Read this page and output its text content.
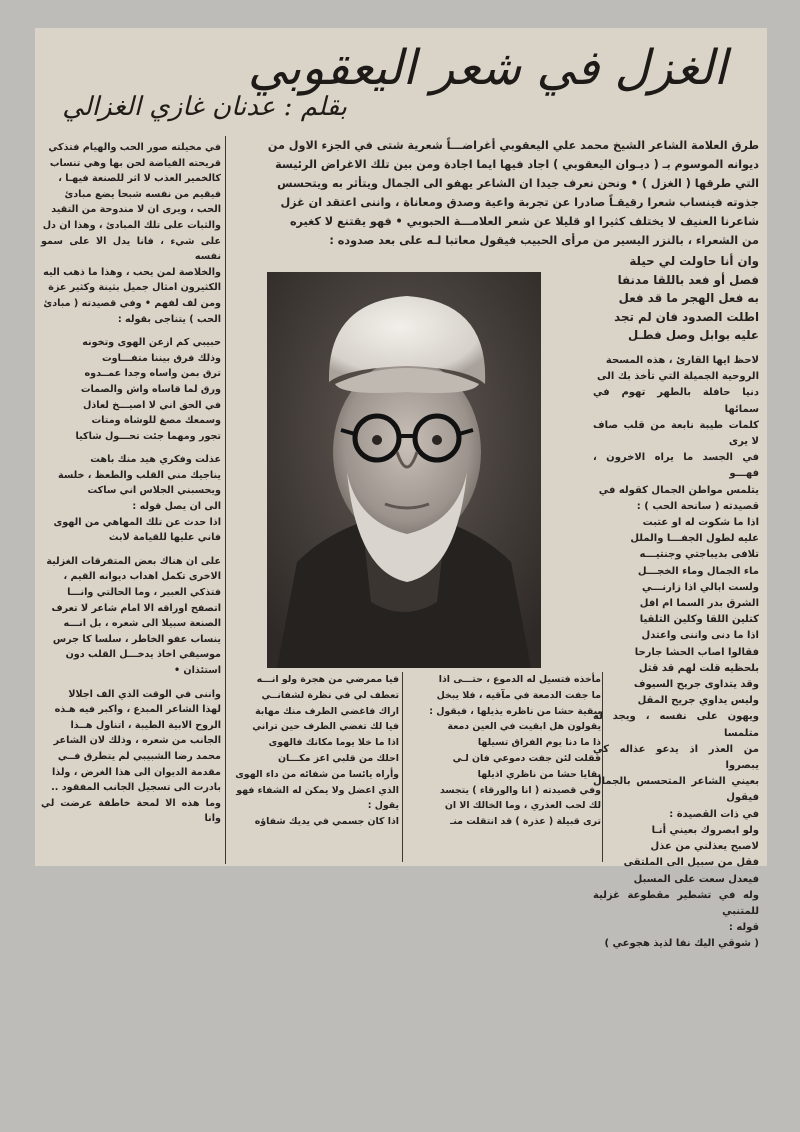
الغزل في شعر اليعقوبي
بقلم : عدنان غازي الغزالي

طرق العلامة الشاعر الشيخ محمد علي اليعقوبي أغراضـــاً شعرية شتى في الجزء الاول من

ديوانه الموسوم بـ ( ديـوان اليعقوبي ) اجاد فيها ايما اجادة ومن بين تلك الاغراض الرئيسة

التي طرقها ( الغزل ) • ونحن نعرف جيدا ان الشاعر يهفو الى الجمال ويتأثر به ويتحسس

جذوته فينساب شعرا رقيقـاً صادرا عن تجربة واعية وصدق ومعاناة ، واننى اعتقد ان غزل

شاعرنا العنيف لا يختلف كثيرا او قليلا عن شعر العلامـــة الحبوبي • فهو يقتنع لا كغيره

من الشعراء ، بالنزر اليسير من مرأى الحبيب فيقول معاتبا لـه على بعد صدوده :

وان أنا حاولت لي حيلة

فصل أو فعد باللقا مدنفا

به فعل الهجر ما قد فعل

اطلت الصدود فان لم تجد

عليه بوابل وصل فطـل

لاحظ ايها القارئ ، هذه المسحة

الروحية الجميلة التي تأخذ بك الى

دنيا حافلة بالطهر تهوم في سمائها

كلمات طيبة نابعة من قلب صاف لا يرى

في الجسد ما يراه الاخرون ، فهـــو

يتلمس مواطن الجمال كقوله في

قصيدته ( سانحة الحب ) :

اذا ما شكوت له او عتبت

عليه لطول الجفـــا والملل

تلافى بديباجتي وجنتيـــه

ماء الجمال وماء الخجـــل

ولست ابالي اذا زارنـــي

الشرق بدر السما ام افل

كتلين اللقا وكلين التلقيا

اذا ما دنى واننى واعتدل

فقالوا اصاب الحشا جارحا

بلحظيه قلت لهم قد قتل

وقد يتداوى جريح السيوف

وليس يداوي جريح المقل

ويهون على نفسه ، ويجد له متلمسا

من العذر اذ يدعو عذاله كي يبصروا

بعيني الشاعر المتحسس بالجمال فيقول

في ذات القصيدة :

ولو ابصروك بعيني أنـا

لاصبح يعذلني من عذل

فقل من سبيل الى الملتقى

فيعدل سعت على المسبل

وله في تشطير مقطوعة غزلية للمتنبي

قوله :

( شوقي اليك نفا لذيذ هجوعي )

مأخذه فتسيل له الدموع ، حتـــى اذا

ما جفت الدمعة في مآقيه ، فلا يبخل

ببقية حشا من ناظره يذيلها ، فيقول :

يقولون هل ابقيت في العين دمعة

ذا ما دنا يوم الفراق تسيلها

فقلت لئن جفت دموعي فان لـي

بقايا حشا من ناظري اذيلها

وفي قصيدته ( انا والورقاء ) يتجسد

لك لحب العذري ، وما الخالك الا ان

ترى قبيلة ( عذرة ) قد انتقلت منـ

فيا ممرضي من هجرة ولو انـــه

تعطف لي في نظرة لشفانــي

اراك فاغضي الطرف منك مهابة

فيا لك تغضي الطرف حين تراني

اذا ما خلا يوما مكانك فالهوى

احلك من قلبي اعز مكـــان

وأراه يائسا من شفائه من داء الهوى

الذي اعضل ولا يمكن له الشفاء فهو

يقول :

اذا كان جسمي في يديك شفاؤه

في مخيلته صور الحب والهيام فتذكي

قريحته الفياضة لحن بها وهي تنساب

كالخمير العذب لا اثر للصنعة فيهـا ،

فيقيم من نفسه شبحا يضع مبادئ

الحب ، ويرى ان لا مندوحة من التقيد

والثبات على تلك المبادئ ، وهذا ان دل

على شيء ، فانا يدل الا على سمو نفسه

والخلاصة لمن يحب ، وهذا ما ذهب اليه

الكثيرون امثال جميل بثينة وكثير عزة

ومن لف لفهم • وفي قصيدته ( مبادئ

الحب ) يتناجى بقوله :

حبيبي كم ازعن الهوى وتخونه

وذلك فرق بيننا متفـــاوت

ترق بمن واساه وجدا عمــدوه

ورق لما قاساه واش والصمات

في الحق اني لا اصيـــخ لعاذل

وسمعك مصغ للوشاة ومتات

تجور ومهما جئت تحـــول شاكيا

عذلت وفكري هيد منك باهت

يناجيك مني القلب والطعظ ، خلسة

ويحسبني الجلاس اني ساكت

الى ان يصل قوله :

اذا حدث عن تلك المهاهي من الهوى

فاني عليها للقيامة لابث

على ان هناك بعض المتفرقات الغزلية

الاخرى تكمل اهداب ديوانه القيم ،

فتذكي العبير ، وما الحالتي وانـــا

اتصفح اوراقه الا امام شاعر لا تعرف

الصنعة سبيلا الى شعره ، بل انـــه

ينساب عفو الخاطر ، سلسا كا جرس

موسيقي اخاذ يدخـــل القلب دون

استئذان •

واننى في الوقت الذي الف اجلالا

لهذا الشاعر المبدع ، واكبر فيه هـذه

الروح الابية الطيبة ، اتناول هــذا

الجانب من شعره ، وذلك لان الشاعر

محمد رضا الشبيبي لم يتطرق فــي

مقدمة الديوان الى هذا الغرض ، ولذا

بادرت الى تسجيل الجانب المفقود ..

وما هذه الا لمحة خاطفة عرضت لي وانا
